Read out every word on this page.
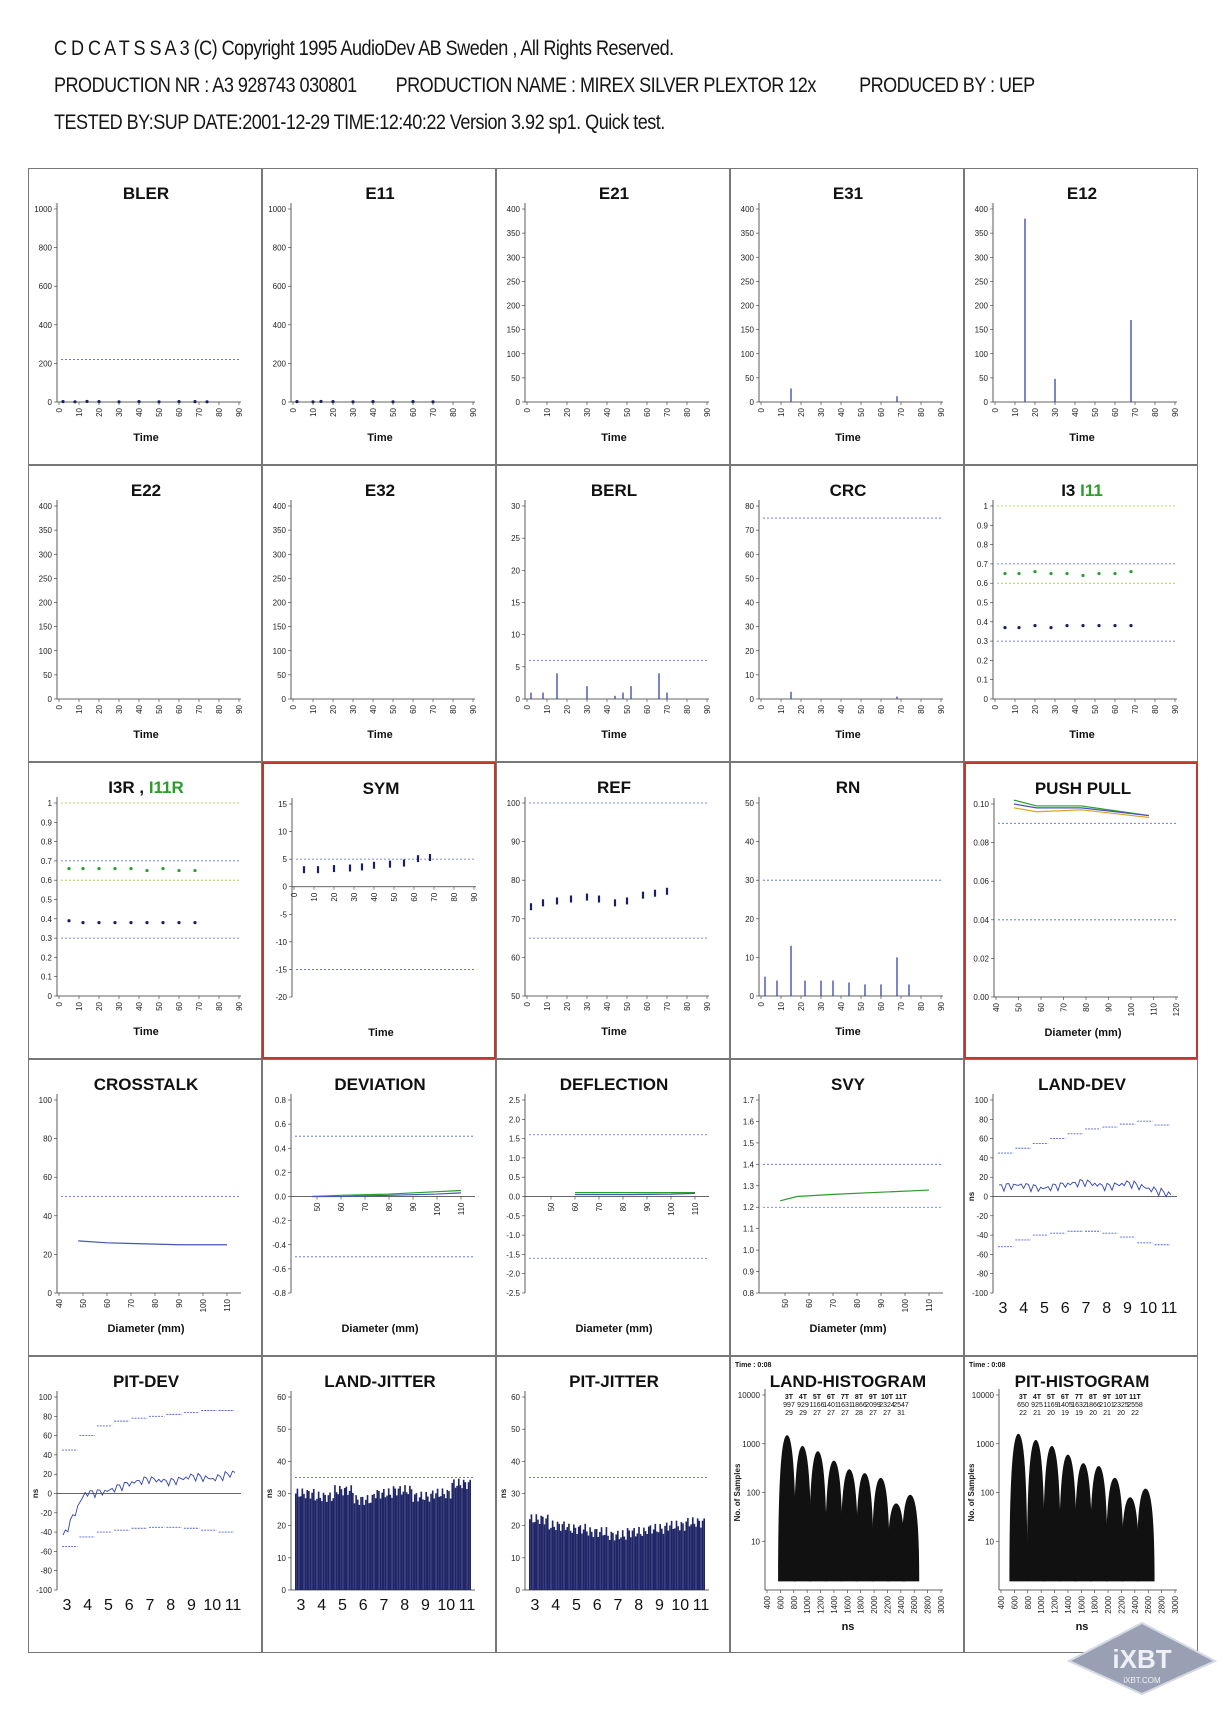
C D C A T S S A 3 (C) Copyright 1995 AudioDev AB Sweden , All Rights Reserved.
PRODUCTION NR : A3 928743 030801 PRODUCTION NAME : MIREX SILVER PLEXTOR 12x PRODUCED BY : UEP
TESTED BY:SUP DATE:2001-12-29 TIME:12:40:22 Version 3.92 sp1. Quick test.
BLER
0
200
400
600
800
1000
0 10 20 30 40 50 60 70 80 90
Time
E11
0
200
400
600
800
1000
0 10 20 30 40 50 60 70 80 90
Time
E21
0
50
100
150
200
250
300
350
400
0 10 20 30 40 50 60 70 80 90
Time
E31
0
50
100
150
200
250
300
350
400
0 10 20 30 40 50 60 70 80 90
Time
E12
0
50
100
150
200
250
300
350
400
0 10 20 30 40 50 60 70 80 90
Time
E22
0
50
100
150
200
250
300
350
400
0 10 20 30 40 50 60 70 80 90
Time
E32
0
50
100
150
200
250
300
350
400
0 10 20 30 40 50 60 70 80 90
Time
BERL
0
5
10
15
20
25
30
0 10 20 30 40 50 60 70 80 90
Time
CRC
0
10
20
30
40
50
60
70
80
0 10 20 30 40 50 60 70 80 90
Time
I3 I11
0
0.1
0.2
0.3
0.4
0.5
0.6
0.7
0.8
0.9
1
0 10 20 30 40 50 60 70 80 90
Time
I3R , I11R
0
0.1
0.2
0.3
0.4
0.5
0.6
0.7
0.8
0.9
1
0 10 20 30 40 50 60 70 80 90
Time
SYM
-20
-15
-10
-5
0
5
10
15
0 10 20 30 40 50 60 70 80 90
Time
REF
50
60
70
80
90
100
0 10 20 30 40 50 60 70 80 90
Time
RN
0
10
20
30
40
50
0 10 20 30 40 50 60 70 80 90
Time
PUSH PULL
0.00
0.02
0.04
0.06
0.08
0.10
40 50 60 70 80 90 100 110 120
Diameter (mm)
CROSSTALK
0
20
40
60
80
100
40 50 60 70 80 90 100 110
Diameter (mm)
DEVIATION
-0.8
-0.6
-0.4
-0.2
0.0
0.2
0.4
0.6
0.8
50 60 70 80 90 100 110
Diameter (mm)
DEFLECTION
-2.5
-2.0
-1.5
-1.0
-0.5
0.0
0.5
1.0
1.5
2.0
2.5
50 60 70 80 90 100 110
Diameter (mm)
SVY
0.8
0.9
1.0
1.1
1.2
1.3
1.4
1.5
1.6
1.7
50 60 70 80 90 100 110
Diameter (mm)
LAND-DEV
-100
-80
-60
-40
-20
0
20
40
60
80
100
ns
3 4 5 6 7 8 9 10 11
PIT-DEV
-100
-80
-60
-40
-20
0
20
40
60
80
100
ns
3 4 5 6 7 8 9 10 11
LAND-JITTER
0
10
20
30
40
50
60
ns
3 4 5 6 7 8 9 10 11
PIT-JITTER
0
10
20
30
40
50
60
ns
3 4 5 6 7 8 9 10 11
LAND-HISTOGRAM
Time : 0:08
10
100
1000
10000
No. of Samples
400 600 800 1000 1200 1400 1600 1800 2000 2200 2400 2600 2800 3000
ns
3T
997
29
4T
929
29
5T
1166
27
6T
1401
27
7T
1631
27
8T
1866
28
9T
2099
27
10T
2324
27
11T
2547
31
PIT-HISTOGRAM
Time : 0:08
10
100
1000
10000
No. of Samples
400 600 800 1000 1200 1400 1600 1800 2000 2200 2400 2600 2800 3000
ns
3T
650
22
4T
925
21
5T
1169
20
6T
1405
19
7T
1632
19
8T
1866
20
9T
2101
21
10T
2325
20
11T
2558
22
iXBT
iXBT.COM
